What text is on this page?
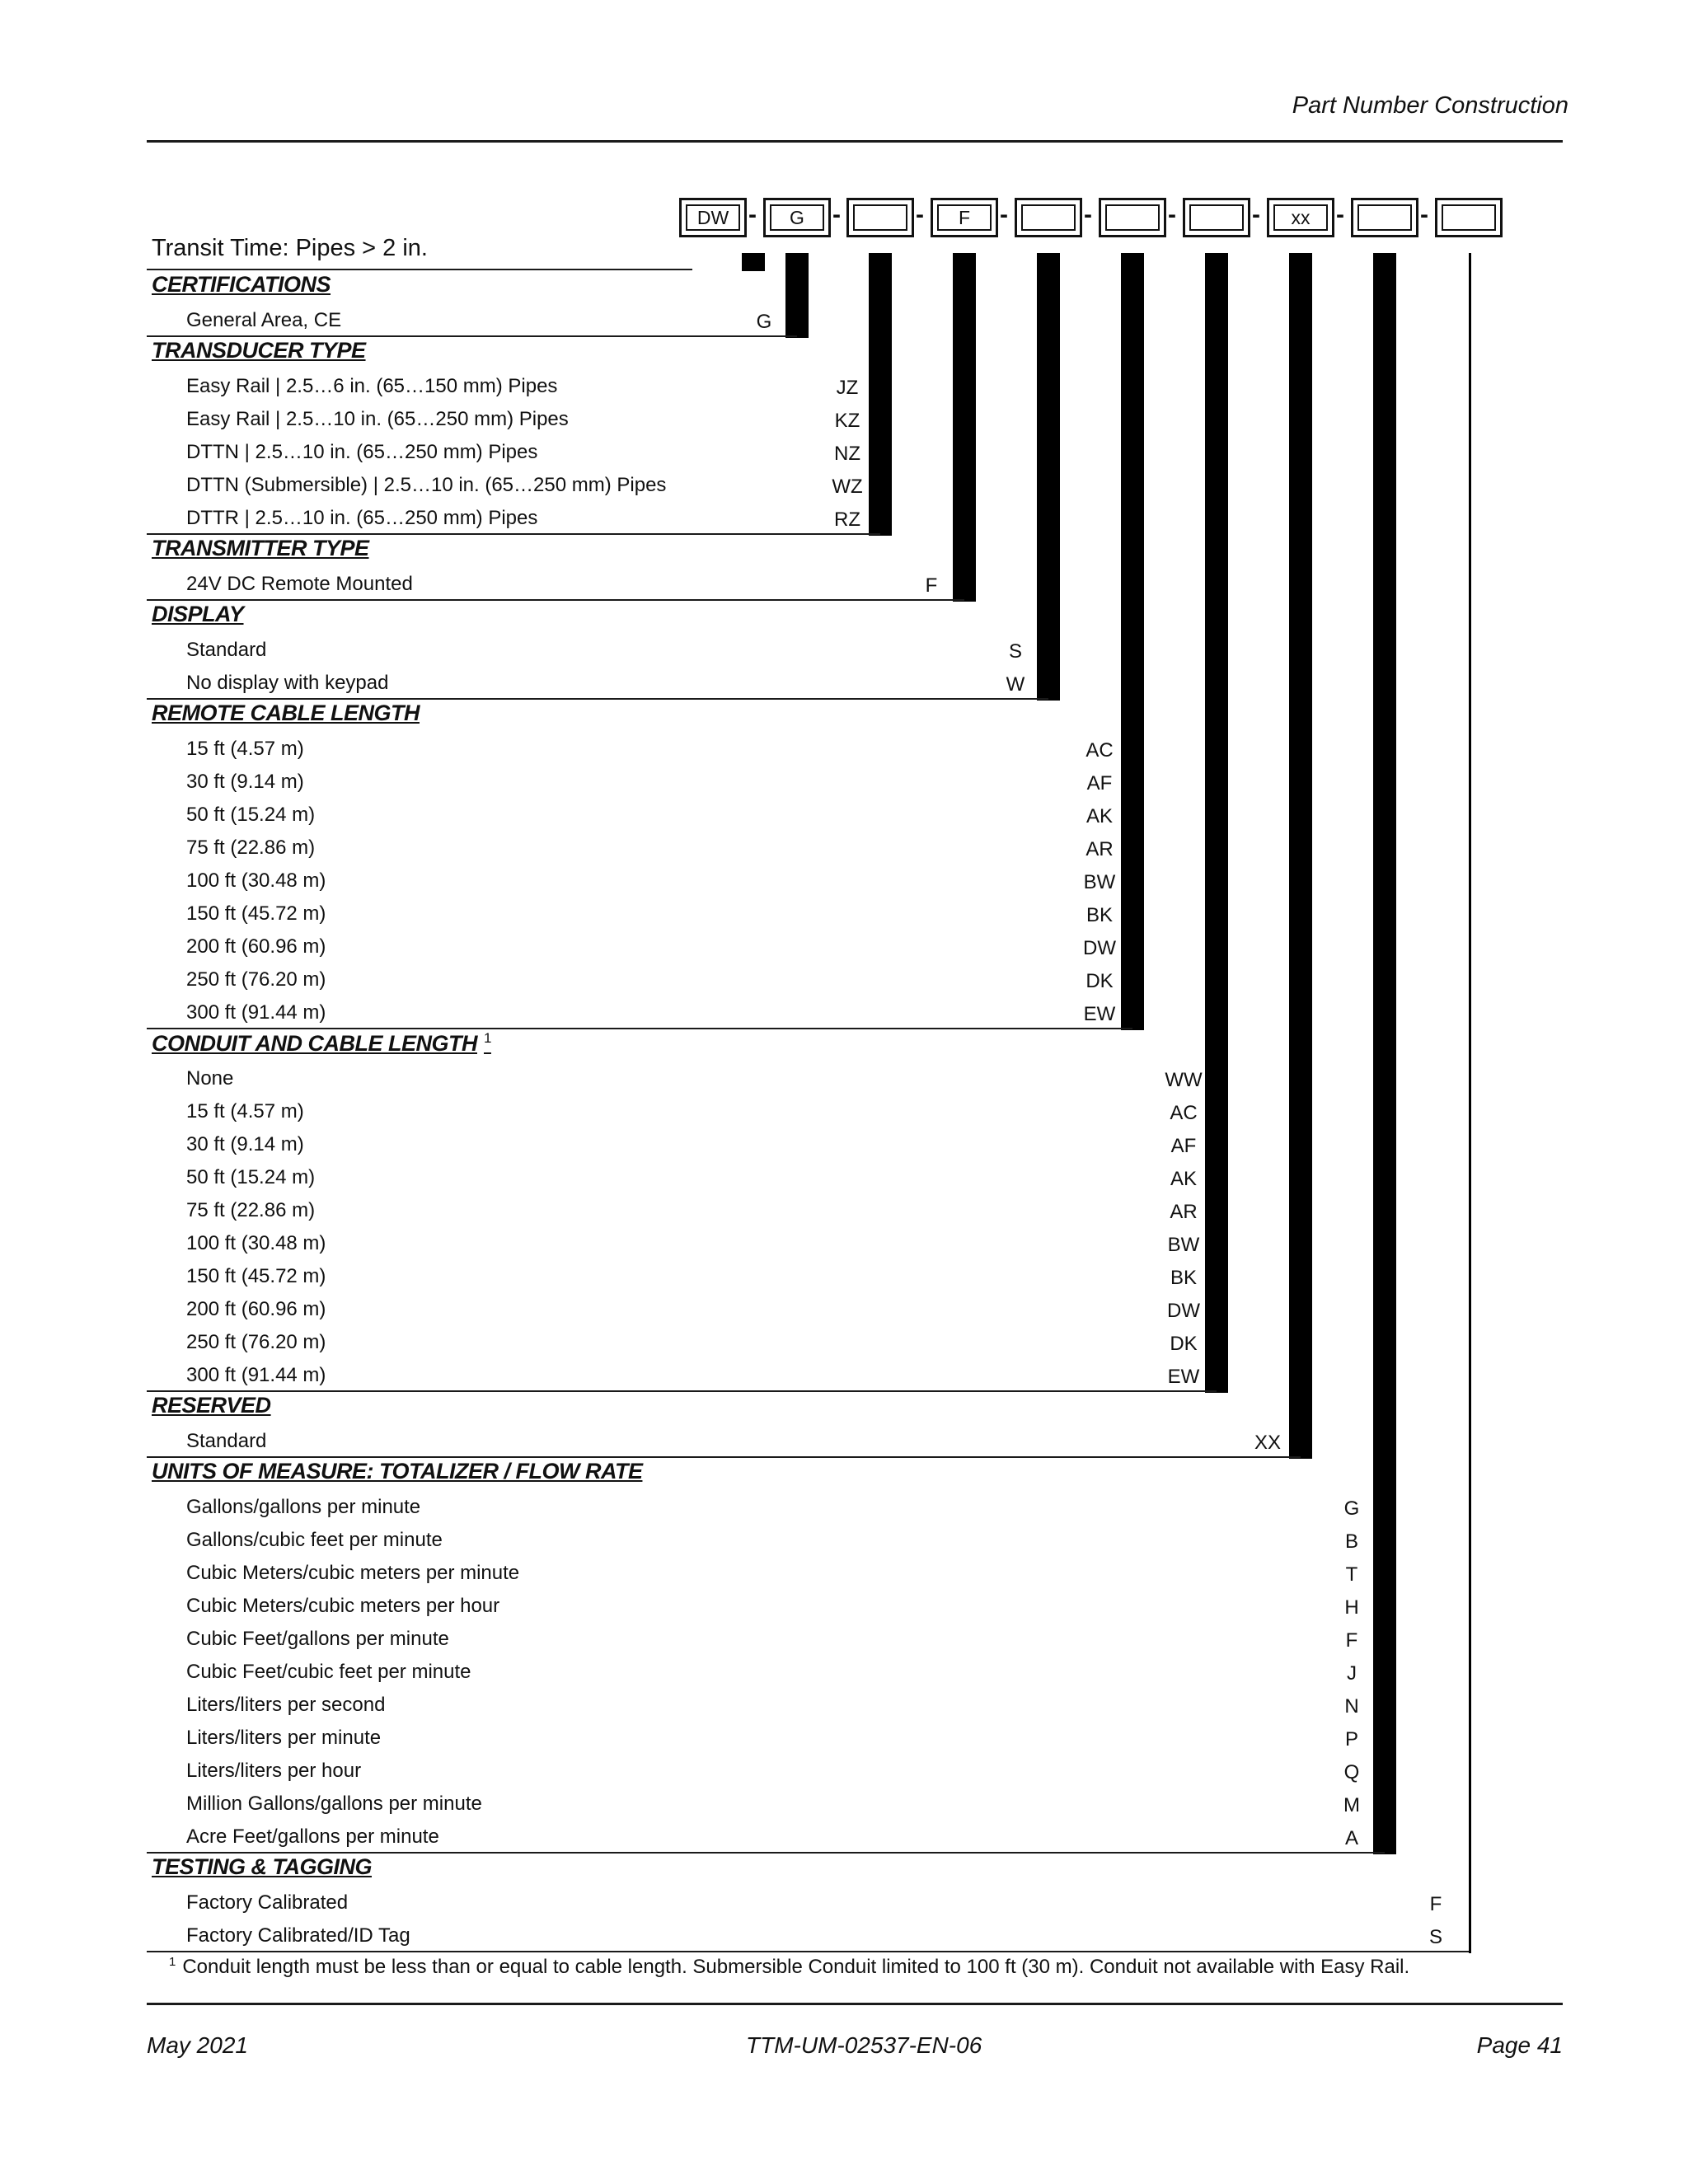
Part Number Construction
DW -	G	-	-	F	-	-	-	-	xx	-	-
Transit Time: Pipes > 2 in.
CERTIFICATIONS
General Area, CE	G
TRANSDUCER TYPE
Easy Rail | 2.5…6 in. (65…150 mm) Pipes	JZ
Easy Rail | 2.5…10 in. (65…250 mm) Pipes	KZ
DTTN | 2.5…10 in. (65…250 mm) Pipes	NZ
DTTN (Submersible) | 2.5…10 in. (65…250 mm) Pipes	WZ
DTTR | 2.5…10 in. (65…250 mm) Pipes	RZ
TRANSMITTER TYPE
24V DC Remote Mounted	F
DISPLAY
Standard	S
No display with keypad	W
REMOTE CABLE LENGTH
15 ft (4.57 m)	AC
30 ft (9.14 m)	AF
50 ft (15.24 m)	AK
75 ft (22.86 m)	AR
100 ft (30.48 m)	BW
150 ft (45.72 m)	BK
200 ft (60.96 m)	DW
250 ft (76.20 m)	DK
300 ft (91.44 m)	EW
CONDUIT AND CABLE LENGTH $^1$
None	WW
15 ft (4.57 m)	AC
30 ft (9.14 m)	AF
50 ft (15.24 m)	AK
75 ft (22.86 m)	AR
100 ft (30.48 m)	BW
150 ft (45.72 m)	BK
200 ft (60.96 m)	DW
250 ft (76.20 m)	DK
300 ft (91.44 m)	EW
RESERVED
Standard	XX
UNITS OF MEASURE: TOTALIZER / FLOW RATE
Gallons/gallons per minute	G
Gallons/cubic feet per minute	B
Cubic Meters/cubic meters per minute	T
Cubic Meters/cubic meters per hour	H
Cubic Feet/gallons per minute	F
Cubic Feet/cubic feet per minute	J
Liters/liters per second	N
Liters/liters per minute	P
Liters/liters per hour	Q
Million Gallons/gallons per minute	M
Acre Feet/gallons per minute	A
TESTING & TAGGING
Factory Calibrated	F
Factory Calibrated/ID Tag	S
$^1$ Conduit length must be less than or equal to cable length. Submersible Conduit limited to 100 ft (30 m). Conduit not available with Easy Rail.
May 2021	TTM-UM-02537-EN-06	Page 41
